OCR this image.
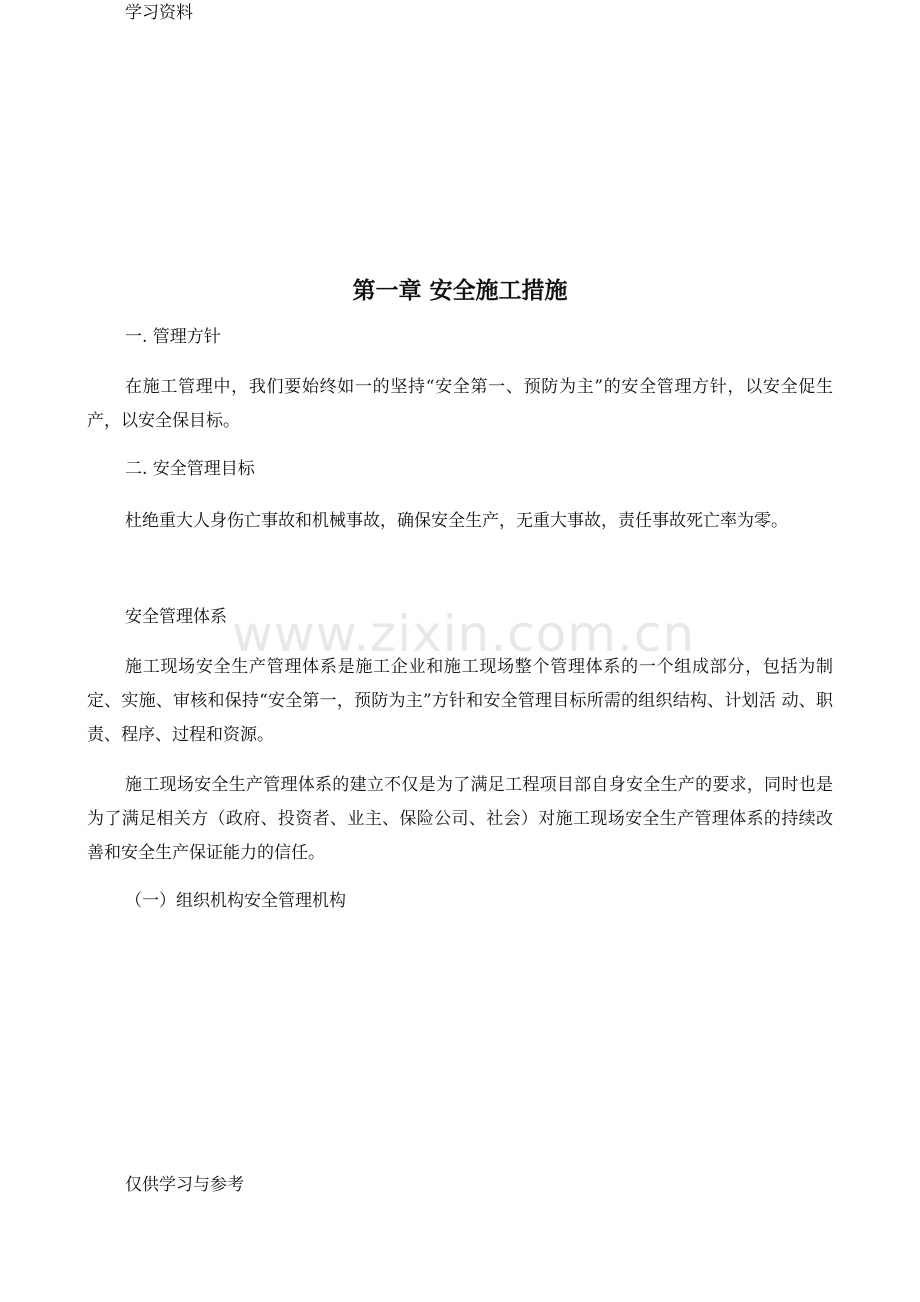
学习资料

第一章 安全施工措施

一. 管理方针

在施工管理中，我们要始终如一的坚持“安全第一、预防为主”的安全管理方针，以安全促生产，以安全保目标。

二. 安全管理目标

杜绝重大人身伤亡事故和机械事故，确保安全生产，无重大事故，责任事故死亡率为零。

安全管理体系

施工现场安全生产管理体系是施工企业和施工现场整个管理体系的一个组成部分，包括为制定、实施、审核和保持“安全第一，预防为主”方针和安全管理目标所需的组织结构、计划活 动、职责、程序、过程和资源。

施工现场安全生产管理体系的建立不仅是为了满足工程项目部自身安全生产的要求，同时也是为了满足相关方（政府、投资者、业主、保险公司、社会）对施工现场安全生产管理体系的持续改善和安全生产保证能力的信任。

（一）组织机构安全管理机构

www.zixin.com.cn

仅供学习与参考
